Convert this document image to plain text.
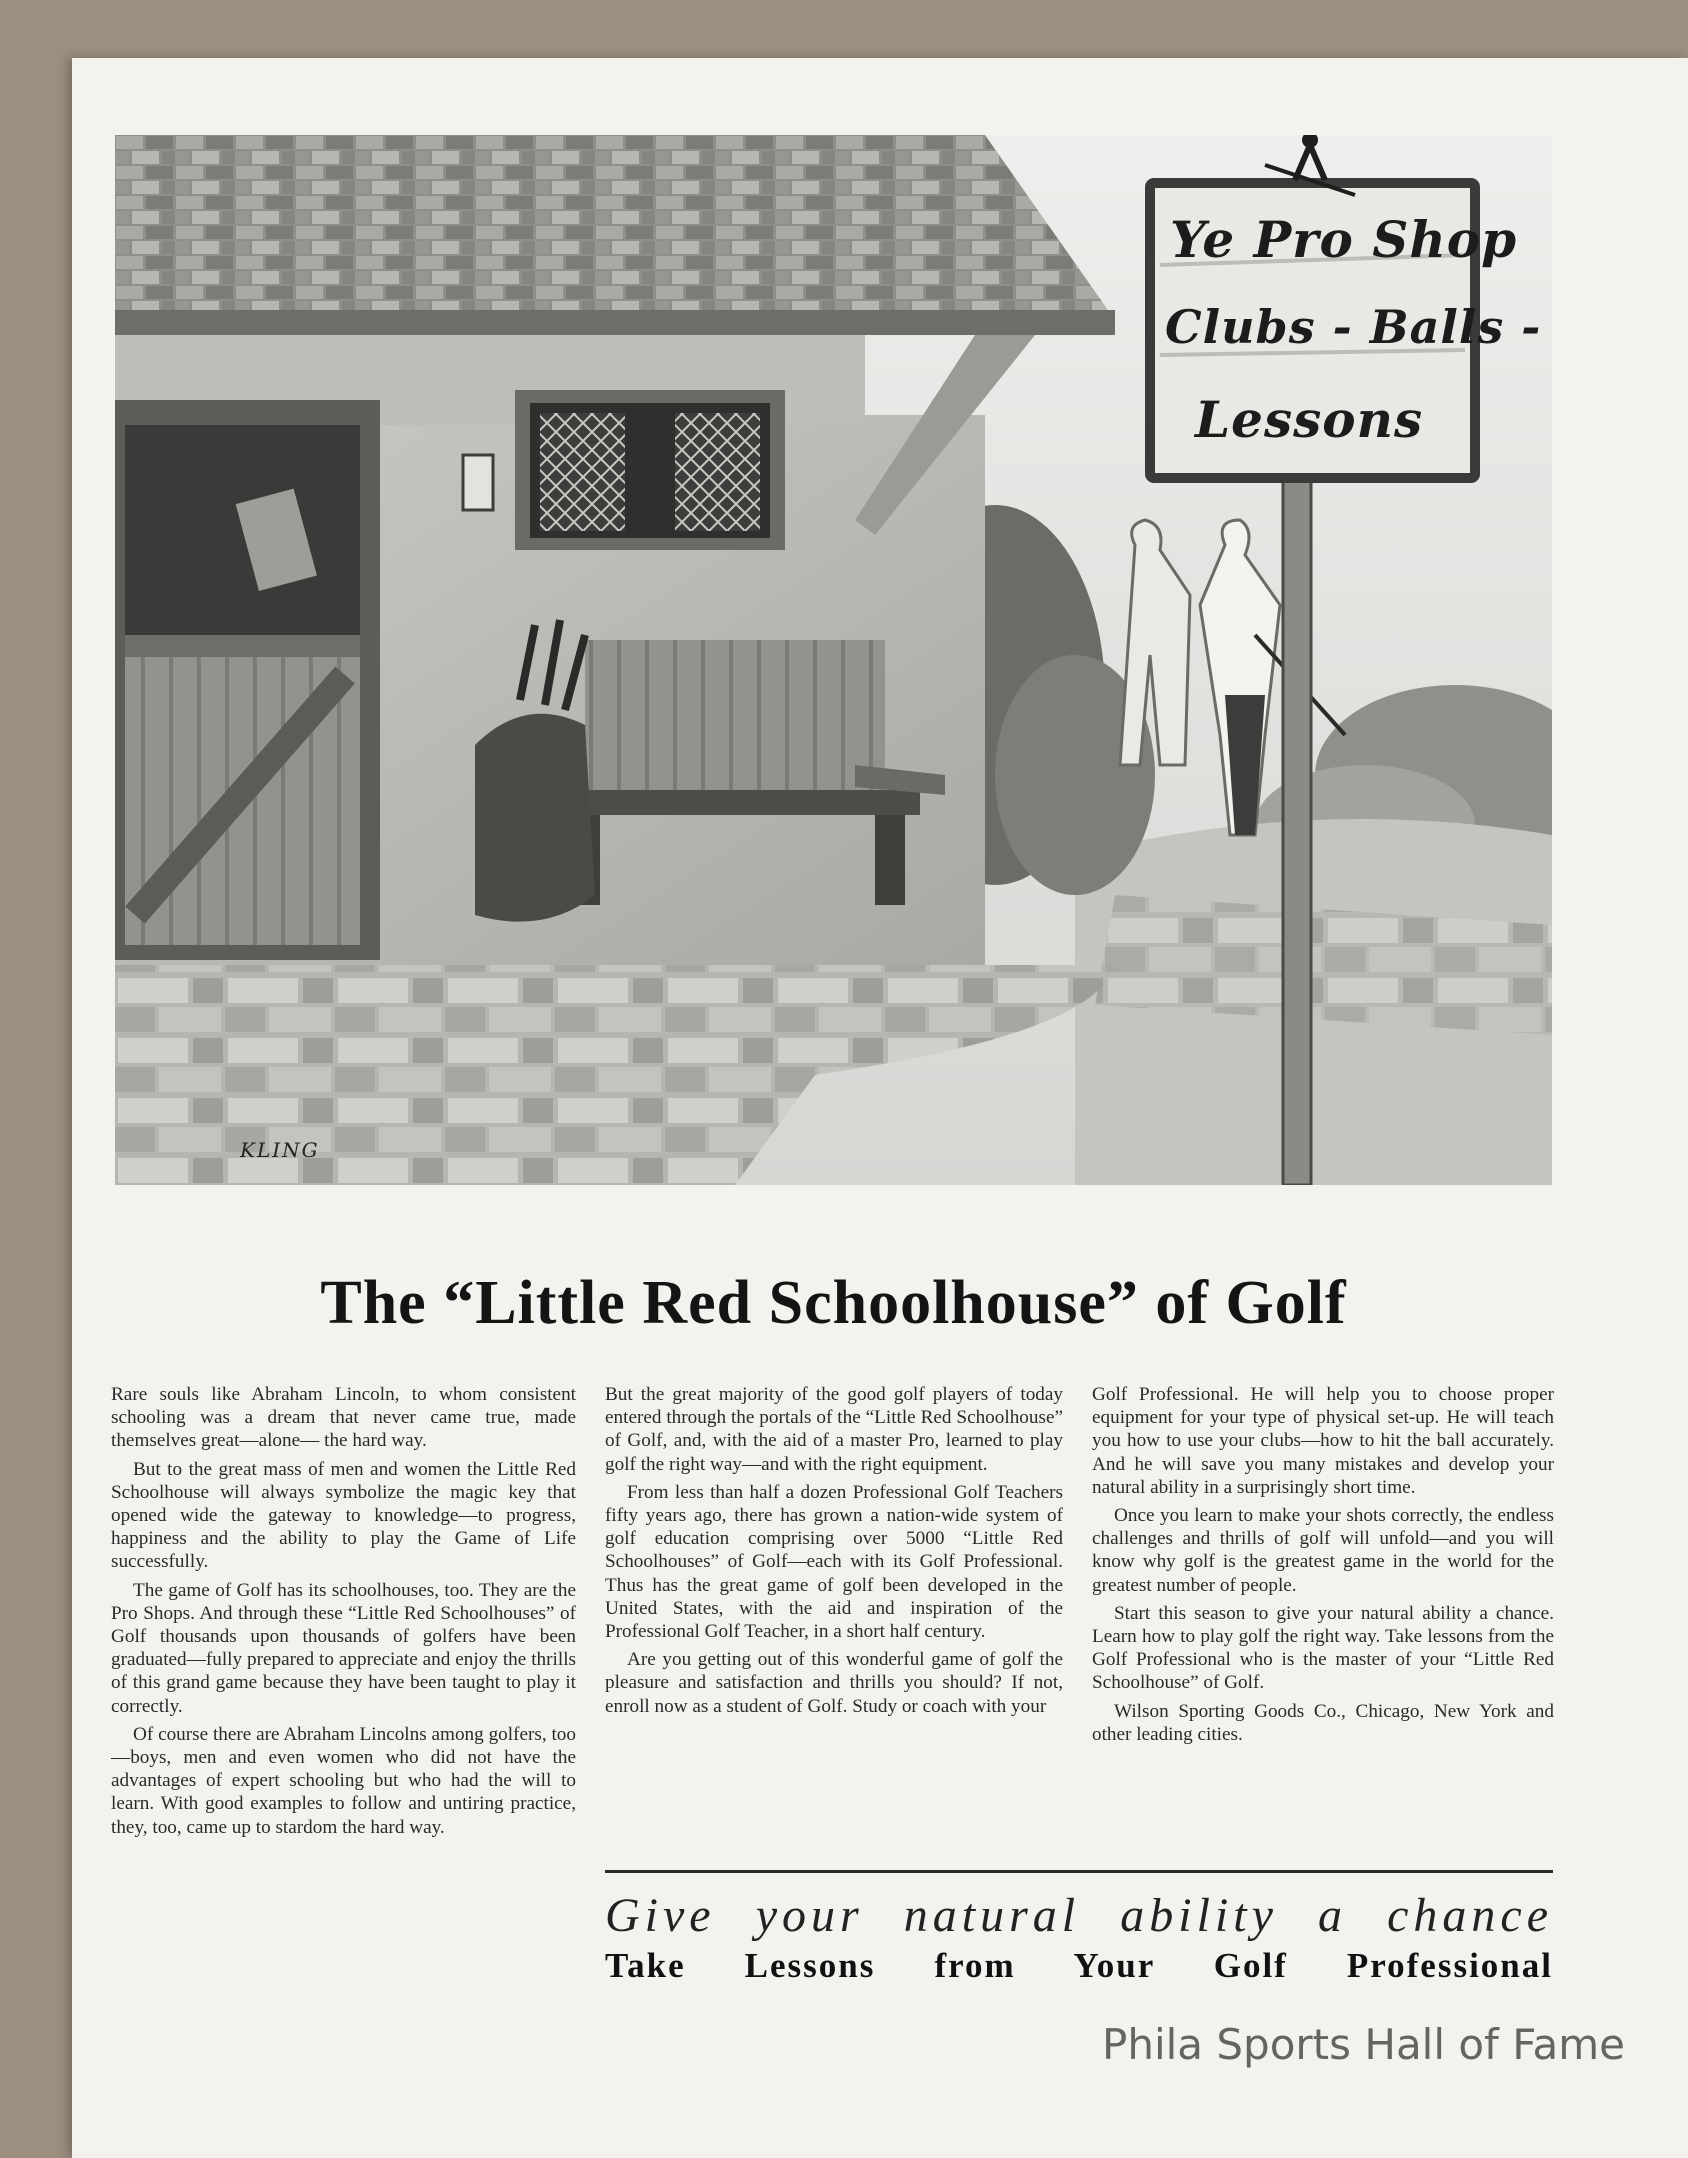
Ye Pro Shop
Clubs - Balls -
Lessons
KLING
The “Little Red Schoolhouse” of Golf

Rare souls like Abraham Lincoln, to whom consistent schooling was a dream that never came true, made themselves great—alone— the hard way.

But to the great mass of men and women the Little Red Schoolhouse will always symbolize the magic key that opened wide the gateway to knowledge—to progress, happiness and the ability to play the Game of Life successfully.

The game of Golf has its schoolhouses, too. They are the Pro Shops. And through these “Little Red Schoolhouses” of Golf thousands upon thousands of golfers have been graduated—fully prepared to appreciate and enjoy the thrills of this grand game because they have been taught to play it correctly.

Of course there are Abraham Lincolns among golfers, too—boys, men and even women who did not have the advantages of expert schooling but who had the will to learn. With good examples to follow and untiring practice, they, too, came up to stardom the hard way.

But the great majority of the good golf players of today entered through the portals of the “Little Red Schoolhouse” of Golf, and, with the aid of a master Pro, learned to play golf the right way—and with the right equipment.

From less than half a dozen Professional Golf Teachers fifty years ago, there has grown a nation-wide system of golf education comprising over 5000 “Little Red Schoolhouses” of Golf—each with its Golf Professional. Thus has the great game of golf been developed in the United States, with the aid and inspiration of the Professional Golf Teacher, in a short half century.

Are you getting out of this wonderful game of golf the pleasure and satisfaction and thrills you should? If not, enroll now as a student of Golf. Study or coach with your

Golf Professional. He will help you to choose proper equipment for your type of physical set-up. He will teach you how to use your clubs—how to hit the ball accurately. And he will save you many mistakes and develop your natural ability in a surprisingly short time.

Once you learn to make your shots correctly, the endless challenges and thrills of golf will unfold—and you will know why golf is the greatest game in the world for the greatest number of people.

Start this season to give your natural ability a chance. Learn how to play golf the right way. Take lessons from the Golf Professional who is the master of your “Little Red Schoolhouse” of Golf.

Wilson Sporting Goods Co., Chicago, New York and other leading cities.

Give your natural ability a chance
Take Lessons from Your Golf Professional
Phila Sports Hall of Fame
